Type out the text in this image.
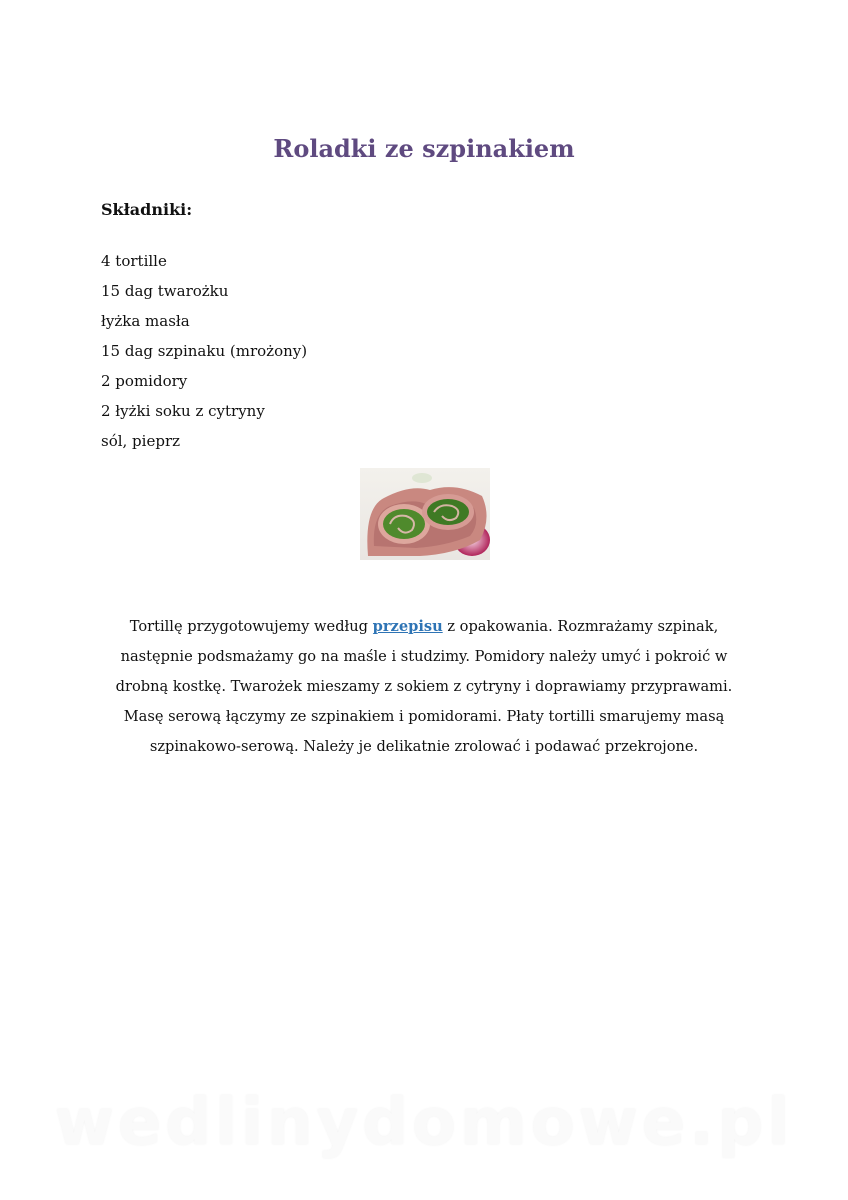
Roladki ze szpinakiem
Składniki:
4 tortille
15 dag twarożku
łyżka masła
15 dag szpinaku (mrożony)
2 pomidory
2 łyżki soku z cytryny
sól, pieprz

Tortillę przygotowujemy według przepisu z opakowania. Rozmrażamy szpinak, następnie podsmażamy go na maśle i studzimy. Pomidory należy umyć i pokroić w drobną kostkę. Twarożek mieszamy z sokiem z cytryny i doprawiamy przyprawami. Masę serową łączymy ze szpinakiem i pomidorami. Płaty tortilli smarujemy masą szpinakowo-serową. Należy je delikatnie zrolować i podawać przekrojone.

wedlinydomowe.pl
